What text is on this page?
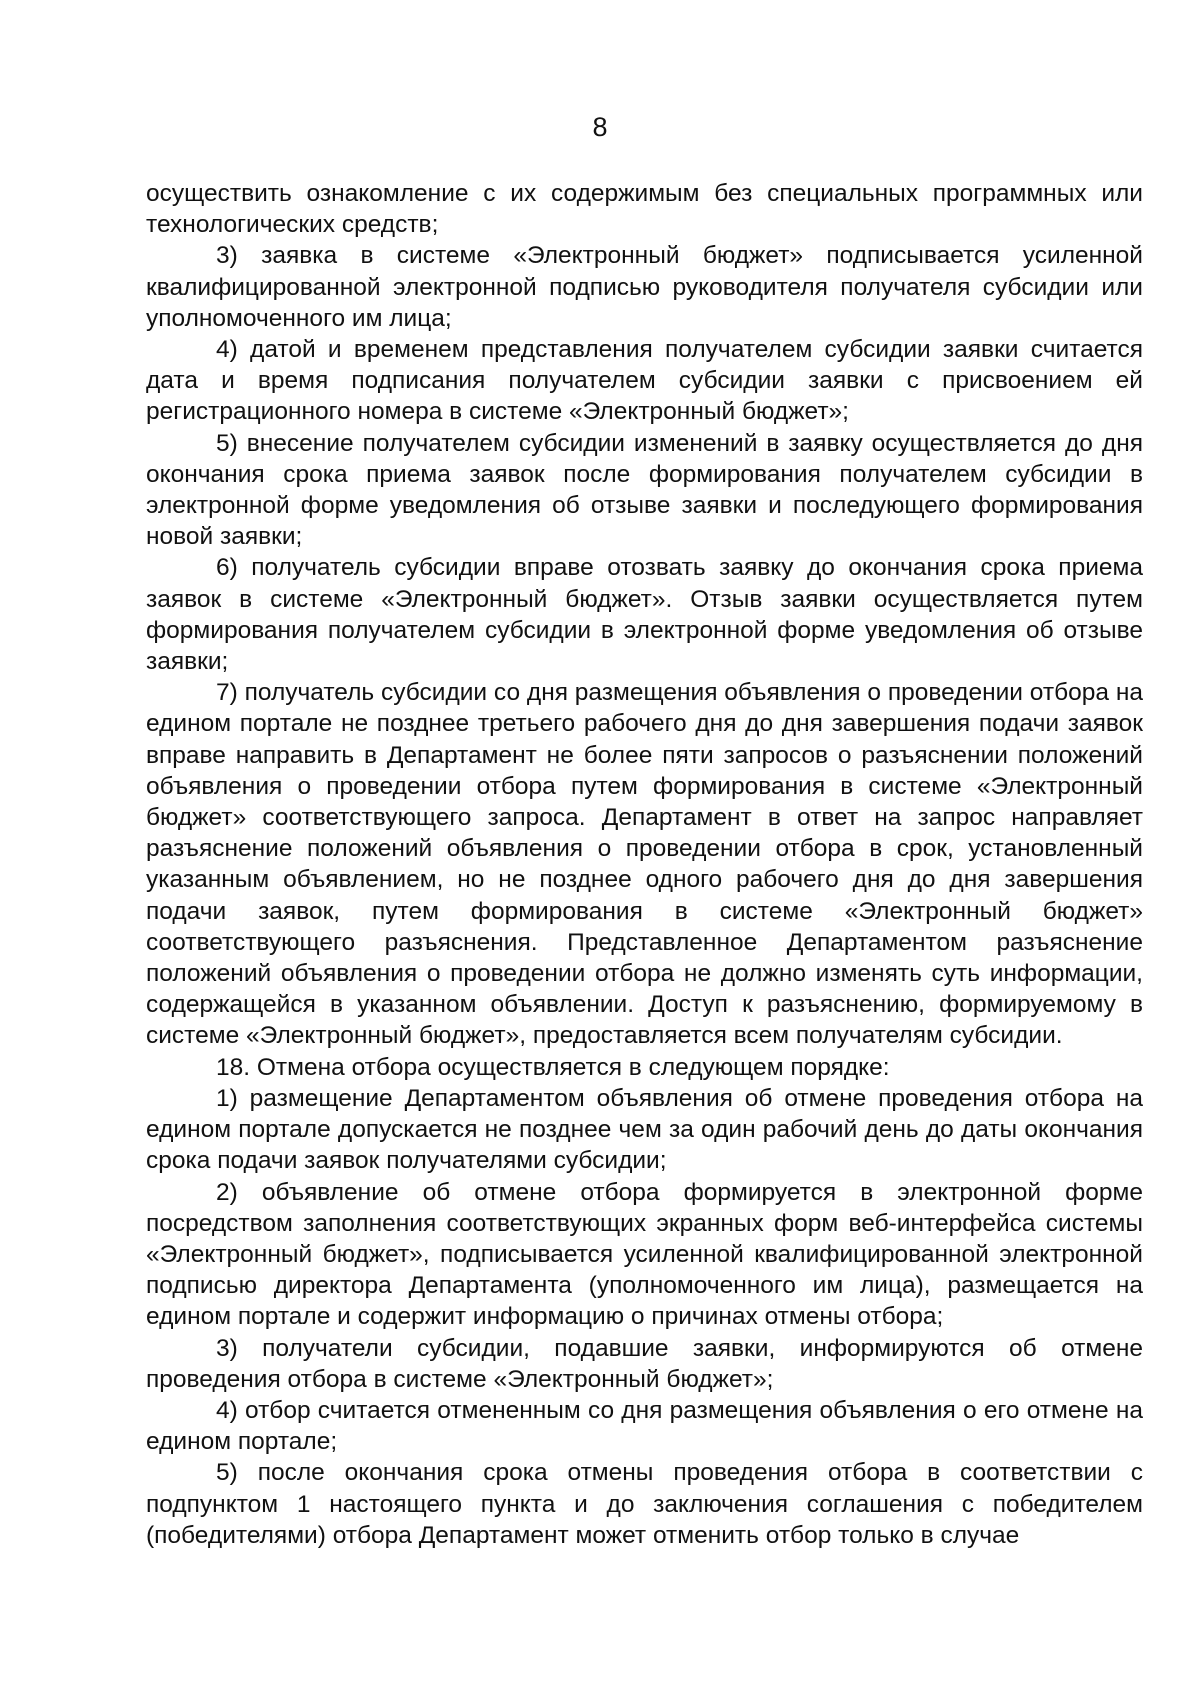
8

осуществить ознакомление с их содержимым без специальных программных или технологических средств;

3) заявка в системе «Электронный бюджет» подписывается усиленной квалифицированной электронной подписью руководителя получателя субсидии или уполномоченного им лица;

4) датой и временем представления получателем субсидии заявки считается дата и время подписания получателем субсидии заявки с присвоением ей регистрационного номера в системе «Электронный бюджет»;

5) внесение получателем субсидии изменений в заявку осуществляется до дня окончания срока приема заявок после формирования получателем субсидии в электронной форме уведомления об отзыве заявки и последующего формирования новой заявки;

6) получатель субсидии вправе отозвать заявку до окончания срока приема заявок в системе «Электронный бюджет». Отзыв заявки осуществляется путем формирования получателем субсидии в электронной форме уведомления об отзыве заявки;

7) получатель субсидии со дня размещения объявления о проведении отбора на едином портале не позднее третьего рабочего дня до дня завершения подачи заявок вправе направить в Департамент не более пяти запросов о разъяснении положений объявления о проведении отбора путем формирования в системе «Электронный бюджет» соответствующего запроса. Департамент в ответ на запрос направляет разъяснение положений объявления о проведении отбора в срок, установленный указанным объявлением, но не позднее одного рабочего дня до дня завершения подачи заявок, путем формирования в системе «Электронный бюджет» соответствующего разъяснения. Представленное Департаментом разъяснение положений объявления о проведении отбора не должно изменять суть информации, содержащейся в указанном объявлении. Доступ к разъяснению, формируемому в системе «Электронный бюджет», предоставляется всем получателям субсидии.

18. Отмена отбора осуществляется в следующем порядке:

1) размещение Департаментом объявления об отмене проведения отбора на едином портале допускается не позднее чем за один рабочий день до даты окончания срока подачи заявок получателями субсидии;

2) объявление об отмене отбора формируется в электронной форме посредством заполнения соответствующих экранных форм веб-интерфейса системы «Электронный бюджет», подписывается усиленной квалифицированной электронной подписью директора Департамента (уполномоченного им лица), размещается на едином портале и содержит информацию о причинах отмены отбора;

3) получатели субсидии, подавшие заявки, информируются об отмене проведения отбора в системе «Электронный бюджет»;

4) отбор считается отмененным со дня размещения объявления о его отмене на едином портале;

5) после окончания срока отмены проведения отбора в соответствии с подпунктом 1 настоящего пункта и до заключения соглашения с победителем (победителями) отбора Департамент может отменить отбор только в случае
